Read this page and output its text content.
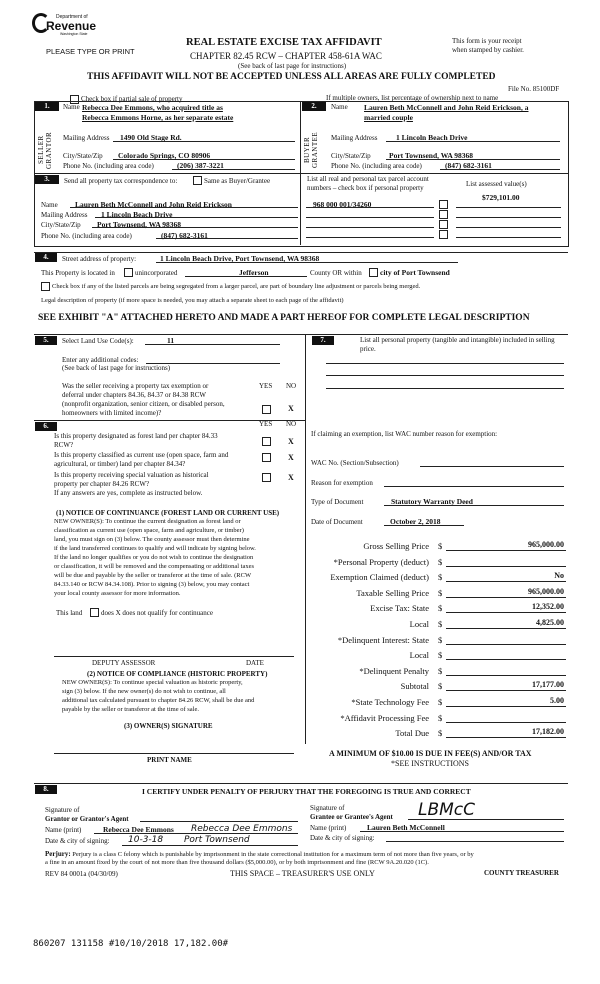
Department of
Revenue
Washington State
PLEASE TYPE OR PRINT
REAL ESTATE EXCISE TAX AFFIDAVIT
CHAPTER 82.45 RCW – CHAPTER 458-61A WAC
(See back of last page for instructions)
THIS AFFIDAVIT WILL NOT BE ACCEPTED UNLESS ALL AREAS ARE FULLY COMPLETED
This form is your receipt
when stamped by cashier.
File No. 85100DF
Check box if partial sale of property	If multiple owners, list percentage of ownership next to name
1.
SELLER GRANTOR
Name Rebecca Dee Emmons, who acquired title as
Rebecca Emmons Horne, as her separate estate
Mailing Address 1490 Old Stage Rd.
City/State/Zip Colorado Springs, CO 80906
Phone No. (including area code)	(206) 387-3221
2.
BUYER GRANTEE
Name Lauren Beth McConnell and John Reid Erickson, a
married couple
Mailing Address 1 Lincoln Beach Drive
City/State/Zip Port Townsend, WA 98368
Phone No. (including area code)	(847) 682-3161
3.	Send all property tax correspondence to:	Same as Buyer/Grantee	List all real and personal tax parcel account
numbers – check box if personal property	List assessed value(s)
$729,101.00
968 000 001/34260
Name Lauren Beth McConnell and John Reid Erickson
Mailing Address 1 Lincoln Beach Drive
City/State/Zip Port Townsend, WA 98368
Phone No. (including area code)	(847) 682-3161
4.	Street address of property:	1 Lincoln Beach Drive, Port Townsend, WA 98368
This Property is located in	unincorporated	Jefferson	County OR within city of Port Townsend
Check box if any of the listed parcels are being segregated from a larger parcel, are part of boundary line adjustment or parcels being merged.
Legal description of property (if more space is needed, you may attach a separate sheet to each page of the affidavit)
SEE EXHIBIT "A" ATTACHED HERETO AND MADE A PART HEREOF FOR COMPLETE LEGAL DESCRIPTION
5.	Select Land Use Code(s):	11
Enter any additional codes:
(See back of last page for instructions)
YES NO
Was the seller receiving a property tax exemption or
deferral under chapters 84.36, 84.37 or 84.38 RCW
(nonprofit organization, senior citizen, or disabled person,
homeowners with limited income)?	X
7.	List all personal property (tangible and intangible) included in selling
price.
If claiming an exemption, list WAC number reason for exemption:
WAC No. (Section/Subsection)
Reason for exemption
Type of Document	Statutory Warranty Deed
Date of Document	October 2, 2018
Gross Selling Price $	965,000.00
*Personal Property (deduct) $
Exemption Claimed (deduct) $	No
Taxable Selling Price $	965,000.00
Excise Tax: State $	12,352.00
Local $	4,825.00
*Delinquent Interest: State $
Local $
*Delinquent Penalty $
Subtotal $	17,177.00
*State Technology Fee $	5.00
*Affidavit Processing Fee $
Total Due $	17,182.00
A MINIMUM OF $10.00 IS DUE IN FEE(S) AND/OR TAX
*SEE INSTRUCTIONS
6.	YES NO
Is this property designated as forest land per chapter 84.33
RCW?	X
Is this property classified as current use (open space, farm and
agricultural, or timber) land per chapter 84.34?
X
Is this property receiving special valuation as historical
property per chapter 84.26 RCW?
X
If any answers are yes, complete as instructed below.
(1) NOTICE OF CONTINUANCE (FOREST LAND OR CURRENT USE)
NEW OWNER(S): To continue the current designation as forest land or
classification as current use (open space, farm and agriculture, or timber)
land, you must sign on (3) below. The county assessor must then determine
if the land transferred continues to qualify and will indicate by signing below.
If the land no longer qualifies or you do not wish to continue the designation
or classification, it will be removed and the compensating or additional taxes
will be due and payable by the seller or transferor at the time of sale. (RCW
84.33.140 or RCW 84.34.108). Prior to signing (3) below, you may contact
your local county assessor for more information.
This land	does X does not qualify for continuance
DEPUTY ASSESSOR	DATE
(2) NOTICE OF COMPLIANCE (HISTORIC PROPERTY)
NEW OWNER(S): To continue special valuation as historic property,
sign (3) below. If the new owner(s) do not wish to continue, all
additional tax calculated pursuant to chapter 84.26 RCW, shall be due and
payable by the seller or transferor at the time of sale.
(3) OWNER(S) SIGNATURE
PRINT NAME
8.	I CERTIFY UNDER PENALTY OF PERJURY THAT THE FOREGOING IS TRUE AND CORRECT
Signature of
Grantor or Grantor's Agent
Name (print)	Rebecca Dee Emmons Rebecca Dee Emmons
Date & city of signing: 10-3-18 Port Townsend
Signature of
Grantee or Grantee's Agent LBMcC
Name (print)	Lauren Beth McConnell
Date & city of signing:
Perjury: Perjury is a class C felony which is punishable by imprisonment in the state correctional institution for a maximum term of not more than five years, or by
a fine in an amount fixed by the court of not more than five thousand dollars ($5,000.00), or by both imprisonment and fine (RCW 9A.20.020 (1C).
REV 84 0001a (04/30/09)	THIS SPACE – TREASURER'S USE ONLY	COUNTY TREASURER
860207 131158 #10/10/2018 17,182.00#
